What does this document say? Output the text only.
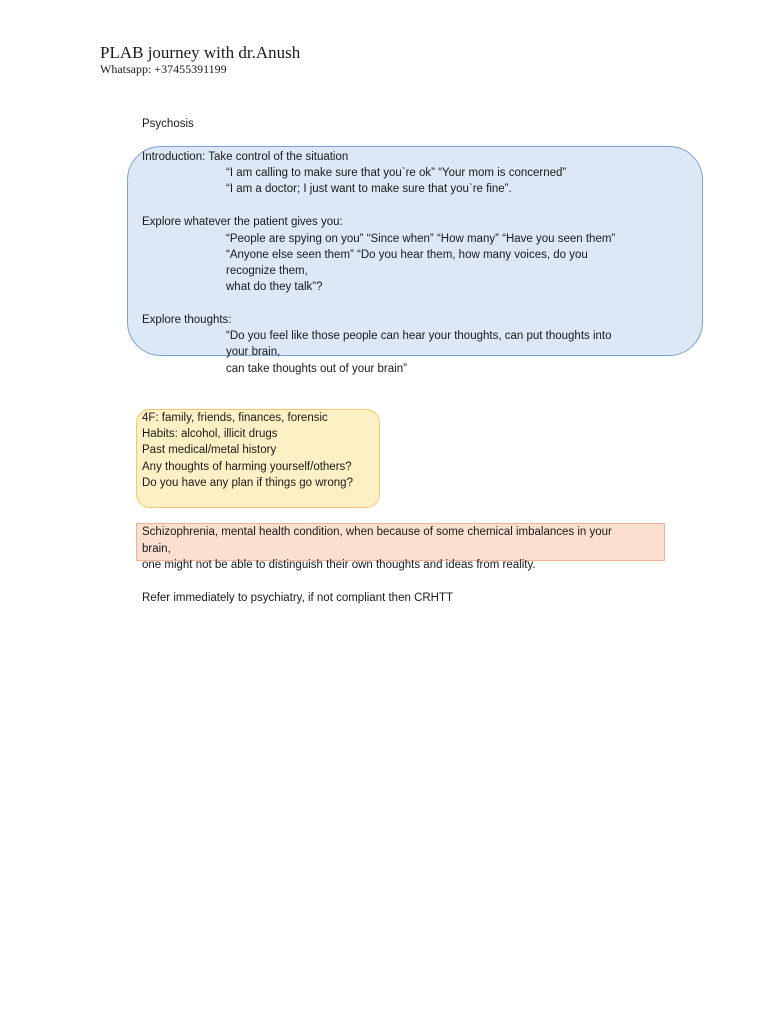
PLAB journey with dr.Anush
Whatsapp: +37455391199
Psychosis
Introduction: Take control of the situation
“I am calling to make sure that you`re ok” “Your mom is concerned”
“I am a doctor; I just want to make sure that you`re fine”.
Explore whatever the patient gives you:
“People are spying on you” “Since when” “How many” “Have you seen them”
“Anyone else seen them” “Do you hear them, how many voices, do you
recognize them,
what do they talk”?
Explore thoughts:
“Do you feel like those people can hear your thoughts, can put thoughts into
your brain,
can take thoughts out of your brain”
4F: family, friends, finances, forensic
Habits: alcohol, illicit drugs
Past medical/metal history
Any thoughts of harming yourself/others?
Do you have any plan if things go wrong?
Schizophrenia, mental health condition, when because of some chemical imbalances in your
brain,
one might not be able to distinguish their own thoughts and ideas from reality.
Refer immediately to psychiatry, if not compliant then CRHTT
